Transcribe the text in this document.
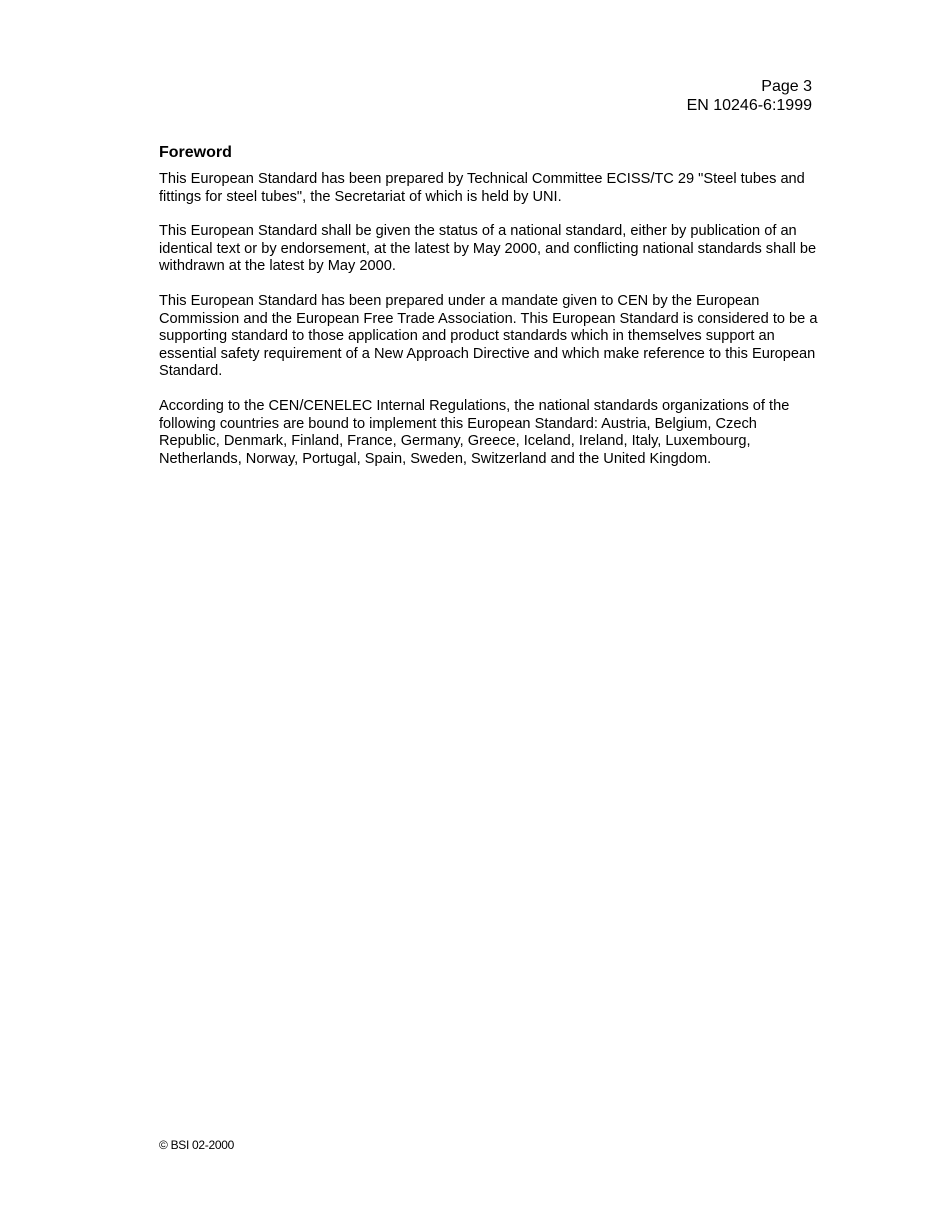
Page 3
EN 10246-6:1999
Foreword

This European Standard has been prepared by Technical Committee ECISS/TC 29 "Steel tubes and fittings for steel tubes", the Secretariat of which is held by UNI.

This European Standard shall be given the status of a national standard, either by publication of an identical text or by endorsement, at the latest by May 2000, and conflicting national standards shall be withdrawn at the latest by May 2000.

This European Standard has been prepared under a mandate given to CEN by the European Commission and the European Free Trade Association. This European Standard is considered to be a supporting standard to those application and product standards which in themselves support an essential safety requirement of a New Approach Directive and which make reference to this European Standard.

According to the CEN/CENELEC Internal Regulations, the national standards organizations of the following countries are bound to implement this European Standard: Austria, Belgium, Czech Republic, Denmark, Finland, France, Germany, Greece, Iceland, Ireland, Italy, Luxembourg, Netherlands, Norway, Portugal, Spain, Sweden, Switzerland and the United Kingdom.

© BSI 02-2000
